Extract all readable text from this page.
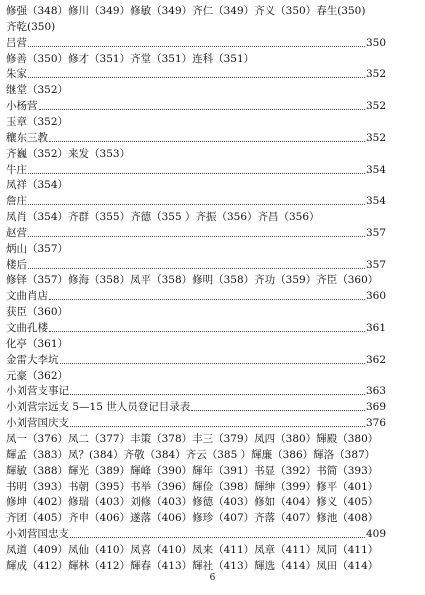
修强（348）修川（349）修敏（349）齐仁（349）齐义（350）春生(350)
齐乾(350)
吕营	350
修善（350）修才（351）齐堂（351）连科（351）
朱家	352
继堂（352）
小杨营	352
玉章（352）
穰东三教	352
齐巍（352）来发（353）
牛庄	354
凤祥（354）
詹庄	354
凤肖（354）齐群（355）齐德（355 ）齐振（356）齐昌（356）
赵营	357
炳山（357）
楼后	357
修铎（357）修海（358）凤平（358）修明（358）齐功（359）齐臣（360）
文曲肖店	360
获臣（360）
文曲孔楼	361
化亭（361）
金雷大李坑	362
元豪（362）
小刘营支事记	363
小刘营宗远支 5—15 世人员登记目录表	369
小刘营国庆支	376
凤一（376）凤二（377）丰策（378）丰三（379）凤四（380）輝殿（380）
輝孟（383）凤？(384）齐敬（384）齐云（385 ）輝廉（386）輝洛（387）
輝敏（388）輝光（389）輝峰（390）輝年（391）书显（392）书简（393）
书明（393）书朝（395）书举（396）輝俭（398）輝绅（399）修平（401）
修坤（402）修瑞（403）刘修（403）修德（403）修如（404）修义（405）
齐团（405）齐申（406）遂落（406）修珍（407）齐落（407）修池（408）
小刘营国忠支	409
凤道（409）凤仙（410）凤喜（410）凤来（411）凤章（411）凤同（411）
輝成（412）輝林（412）輝春（413）輝社（413）輝选（414）凤田（414）
6
